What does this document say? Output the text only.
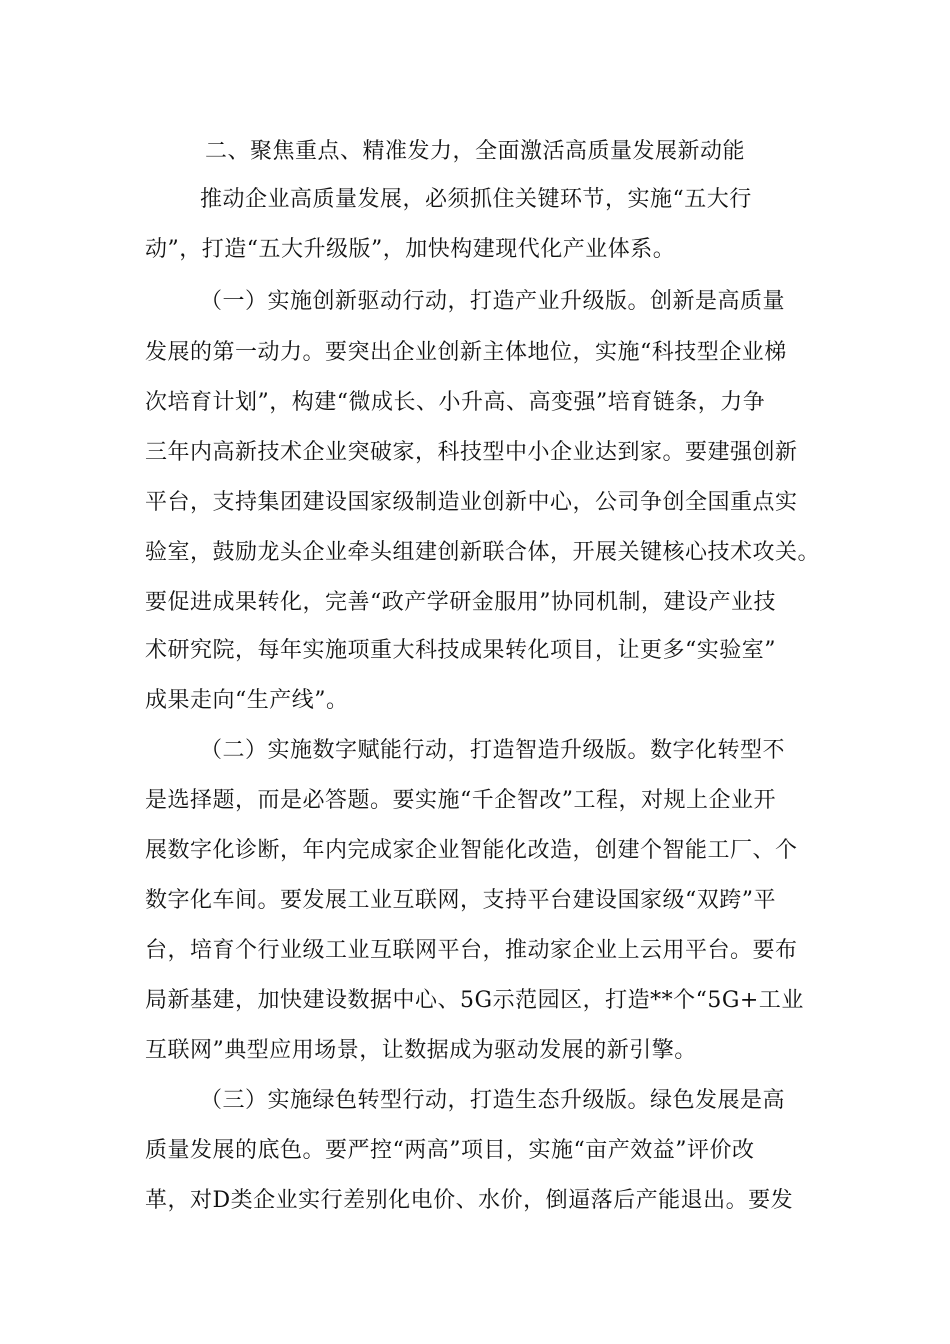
二、聚焦重点、精准发力，全面激活高质量发展新动能
推动企业高质量发展，必须抓住关键环节，实施“五大行
动”，打造“五大升级版”，加快构建现代化产业体系。
（一）实施创新驱动行动，打造产业升级版。创新是高质量
发展的第一动力。要突出企业创新主体地位，实施“科技型企业梯
次培育计划”，构建“微成长、小升高、高变强”培育链条，力争
三年内高新技术企业突破家，科技型中小企业达到家。要建强创新
平台，支持集团建设国家级制造业创新中心，公司争创全国重点实
验室，鼓励龙头企业牵头组建创新联合体，开展关键核心技术攻关。
要促进成果转化，完善“政产学研金服用”协同机制，建设产业技
术研究院，每年实施项重大科技成果转化项目，让更多“实验室”
成果走向“生产线”。
（二）实施数字赋能行动，打造智造升级版。数字化转型不
是选择题，而是必答题。要实施“千企智改”工程，对规上企业开
展数字化诊断，年内完成家企业智能化改造，创建个智能工厂、个
数字化车间。要发展工业互联网，支持平台建设国家级“双跨”平
台，培育个行业级工业互联网平台，推动家企业上云用平台。要布
局新基建，加快建设数据中心、5G示范园区，打造**个“5G+工业
互联网”典型应用场景，让数据成为驱动发展的新引擎。
（三）实施绿色转型行动，打造生态升级版。绿色发展是高
质量发展的底色。要严控“两高”项目，实施“亩产效益”评价改
革，对D类企业实行差别化电价、水价，倒逼落后产能退出。要发
